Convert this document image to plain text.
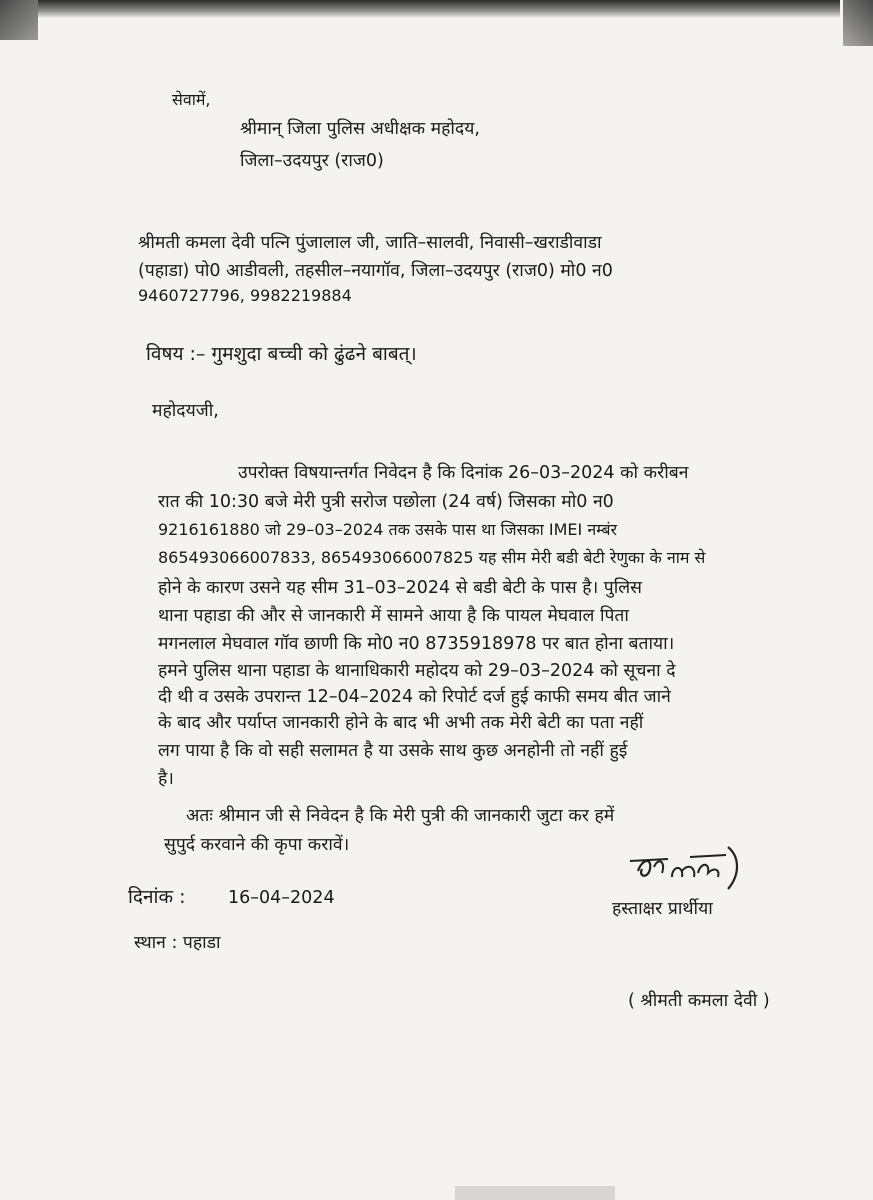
सेवामें,
श्रीमान् जिला पुलिस अधीक्षक महोदय,
जिला–उदयपुर (राज0)
श्रीमती कमला देवी पत्नि पुंजालाल जी, जाति–सालवी, निवासी–खराडीवाडा
(पहाडा) पो0 आडीवली, तहसील–नयागॉव, जिला–उदयपुर (राज0) मो0 न0
9460727796, 9982219884
विषय :– गुमशुदा बच्ची को ढुंढने बाबत्।
महोदयजी,
उपरोक्त विषयान्तर्गत निवेदन है कि दिनांक 26–03–2024 को करीबन
रात की 10:30 बजे मेरी पुत्री सरोज पछोला (24 वर्ष) जिसका मो0 न0
9216161880 जो 29–03–2024 तक उसके पास था जिसका IMEI नम्बंर
865493066007833, 865493066007825 यह सीम मेरी बडी बेटी रेणुका के नाम से
होने के कारण उसने यह सीम 31–03–2024 से बडी बेटी के पास है। पुलिस
थाना पहाडा की और से जानकारी में सामने आया है कि पायल मेघवाल पिता
मगनलाल मेघवाल गॉव छाणी कि मो0 न0 8735918978 पर बात होना बताया।
हमने पुलिस थाना पहाडा के थानाधिकारी महोदय को 29–03–2024 को सूचना दे
दी थी व उसके उपरान्त 12–04–2024 को रिपोर्ट दर्ज हुई काफी समय बीत जाने
के बाद और पर्याप्त जानकारी होने के बाद भी अभी तक मेरी बेटी का पता नहीं
लग पाया है कि वो सही सलामत है या उसके साथ कुछ अनहोनी तो नहीं हुई
है।
अतः श्रीमान जी से निवेदन है कि मेरी पुत्री की जानकारी जुटा कर हमें
सुपुर्द करवाने की कृपा करावें।
दिनांक : 16–04–2024
हस्ताक्षर प्रार्थीया
स्थान : पहाडा
( श्रीमती कमला देवी )
